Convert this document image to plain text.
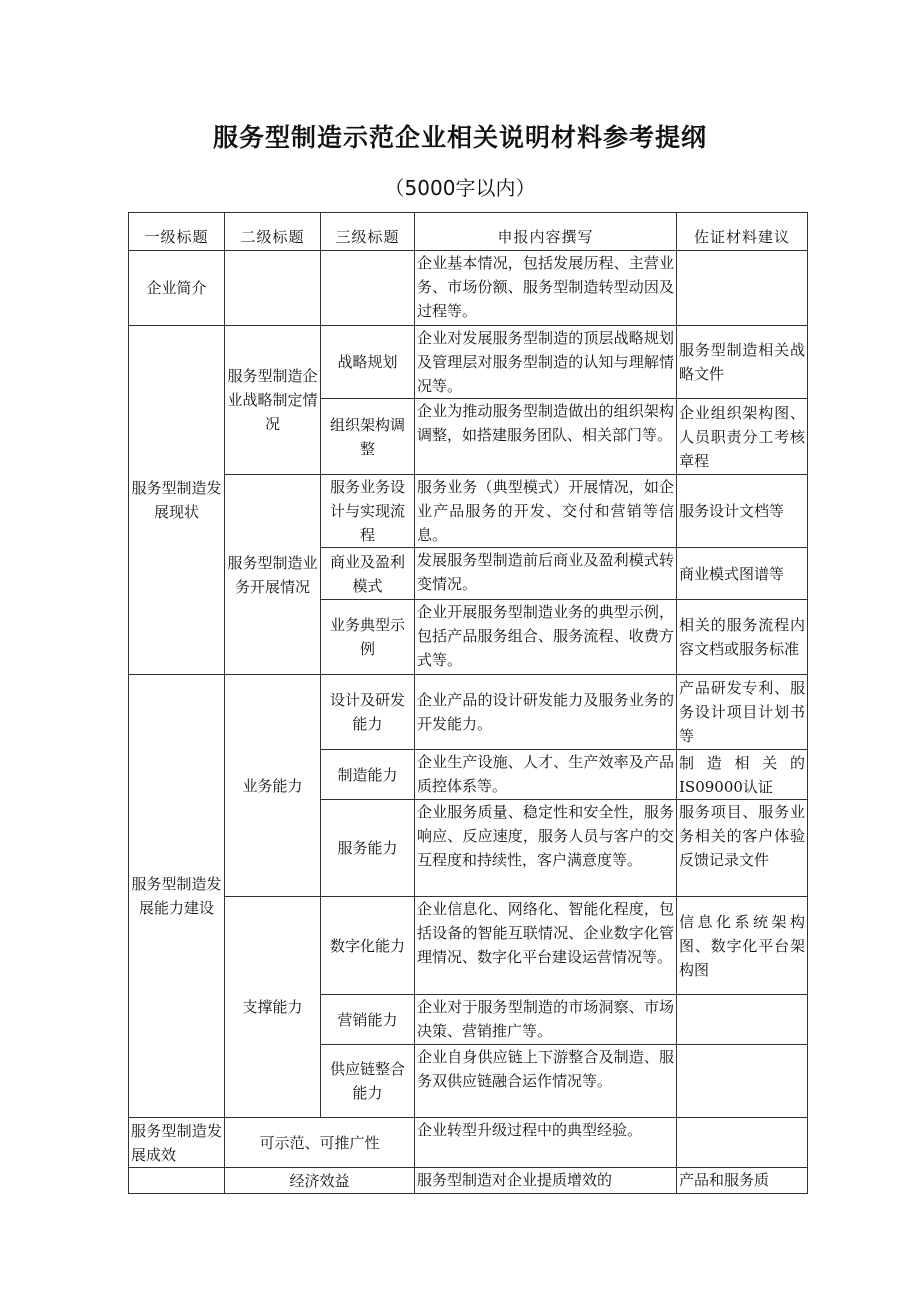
服务型制造示范企业相关说明材料参考提纲
（5000字以内）
一级标题	二级标题	三级标题	申报内容撰写	佐证材料建议
企业简介			企业基本情况，包括发展历程、主营业务、市场份额、服务型制造转型动因及过程等。	
服务型制造发展现状	服务型制造企业战略制定情况	战略规划	企业对发展服务型制造的顶层战略规划及管理层对服务型制造的认知与理解情况等。	服务型制造相关战略文件
		组织架构调整	企业为推动服务型制造做出的组织架构调整，如搭建服务团队、相关部门等。	企业组织架构图、人员职责分工考核章程
	服务型制造业务开展情况	服务业务设计与实现流程	服务业务（典型模式）开展情况，如企业产品服务的开发、交付和营销等信息。	服务设计文档等
		商业及盈利模式	发展服务型制造前后商业及盈利模式转变情况。	商业模式图谱等
		业务典型示例	企业开展服务型制造业务的典型示例，包括产品服务组合、服务流程、收费方式等。	相关的服务流程内容文档或服务标准
服务型制造发展能力建设	业务能力	设计及研发能力	企业产品的设计研发能力及服务业务的开发能力。	产品研发专利、服务设计项目计划书等
		制造能力	企业生产设施、人才、生产效率及产品质控体系等。	制造相关的IS09000认证
		服务能力	企业服务质量、稳定性和安全性，服务响应、反应速度，服务人员与客户的交互程度和持续性，客户满意度等。	服务项目、服务业务相关的客户体验反馈记录文件
	支撑能力	数字化能力	企业信息化、网络化、智能化程度，包括设备的智能互联情况、企业数字化管理情况、数字化平台建设运营情况等。	信息化系统架构图、数字化平台架构图
		营销能力	企业对于服务型制造的市场洞察、市场决策、营销推广等。	
		供应链整合能力	企业自身供应链上下游整合及制造、服务双供应链融合运作情况等。	
服务型制造发展成效	可示范、可推广性		企业转型升级过程中的典型经验。	
	经济效益		服务型制造对企业提质增效的	产品和服务质
